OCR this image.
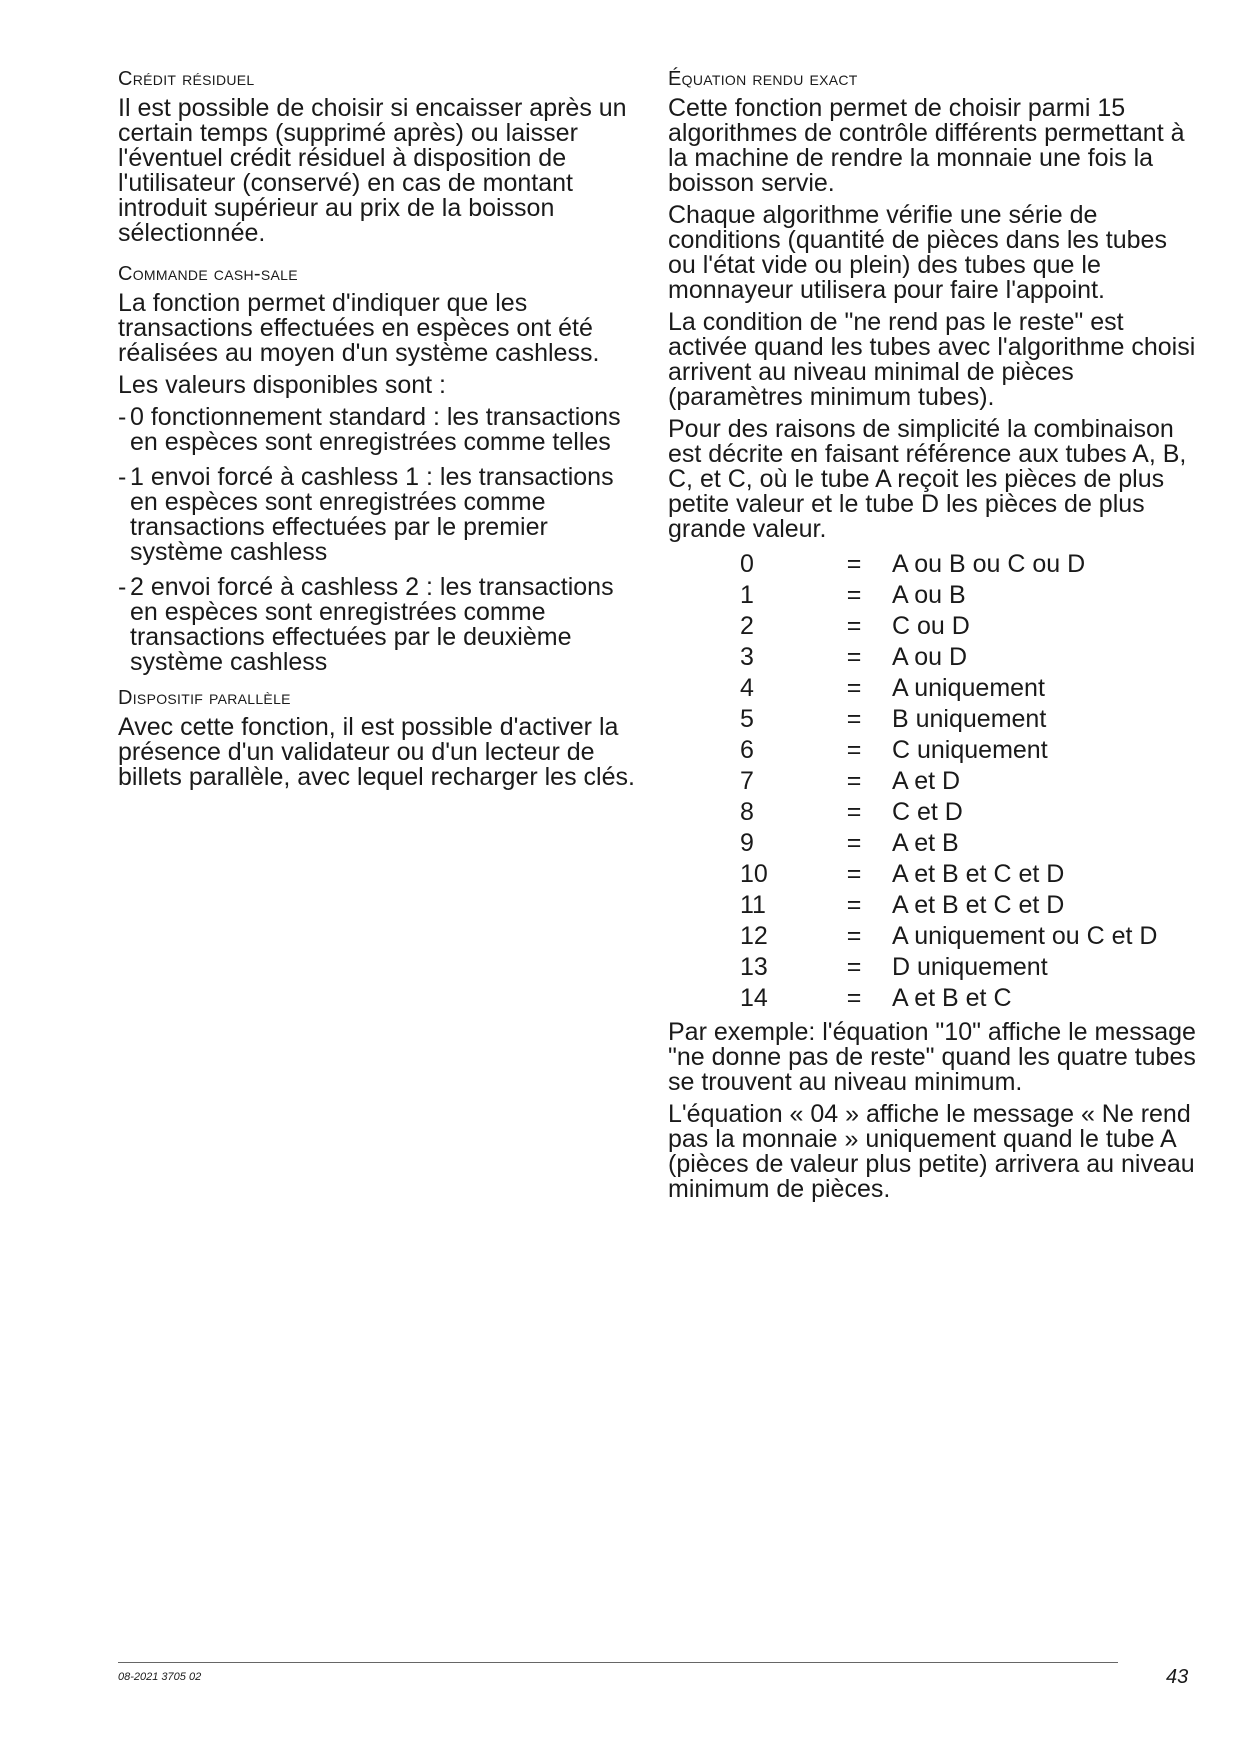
Crédit résiduel

Il est possible de choisir si encaisser après un certain temps (supprimé après) ou laisser l'éventuel crédit résiduel à disposition de l'utilisateur (conservé) en cas de montant introduit supérieur au prix de la boisson sélectionnée.

Commande cash-sale

La fonction permet d'indiquer que les transactions effectuées en espèces ont été réalisées au moyen d'un système cashless.

Les valeurs disponibles sont :

- 0 fonctionnement standard : les transactions en espèces sont enregistrées comme telles
- 1 envoi forcé à cashless 1 : les transactions en espèces sont enregistrées comme transactions effectuées par le premier système cashless
- 2 envoi forcé à cashless 2 : les transactions en espèces sont enregistrées comme transactions effectuées par le deuxième système cashless
Dispositif parallèle

Avec cette fonction, il est possible d'activer la présence d'un validateur ou d'un lecteur de billets parallèle, avec lequel recharger les clés.

Équation rendu exact

Cette fonction permet de choisir parmi 15 algorithmes de contrôle différents permettant à la machine de rendre la monnaie une fois la boisson servie.

Chaque algorithme vérifie une série de conditions (quantité de pièces dans les tubes ou l'état vide ou plein) des tubes que le monnayeur utilisera pour faire l'appoint.

La condition de "ne rend pas le reste" est activée quand les tubes avec l'algorithme choisi arrivent au niveau minimal de pièces (paramètres minimum tubes).

Pour des raisons de simplicité la combinaison est décrite en faisant référence aux tubes A, B, C, et C, où le tube A reçoit les pièces de plus petite valeur et le tube D les pièces de plus grande valeur.

0	=	A ou B ou C ou D
1	=	A ou B
2	=	C ou D
3	=	A ou D
4	=	A uniquement
5	=	B uniquement
6	=	C uniquement
7	=	A et D
8	=	C et D
9	=	A et B
10	=	A et B et C et D
11	=	A et B et C et D
12	=	A uniquement ou C et D
13	=	D uniquement
14	=	A et B et C

Par exemple: l'équation "10" affiche le message "ne donne pas de reste" quand les quatre tubes se trouvent au niveau minimum.

L'équation « 04 » affiche le message « Ne rend pas la monnaie » uniquement quand le tube A (pièces de valeur plus petite) arrivera au niveau minimum de pièces.

08-2021 3705 02	43
